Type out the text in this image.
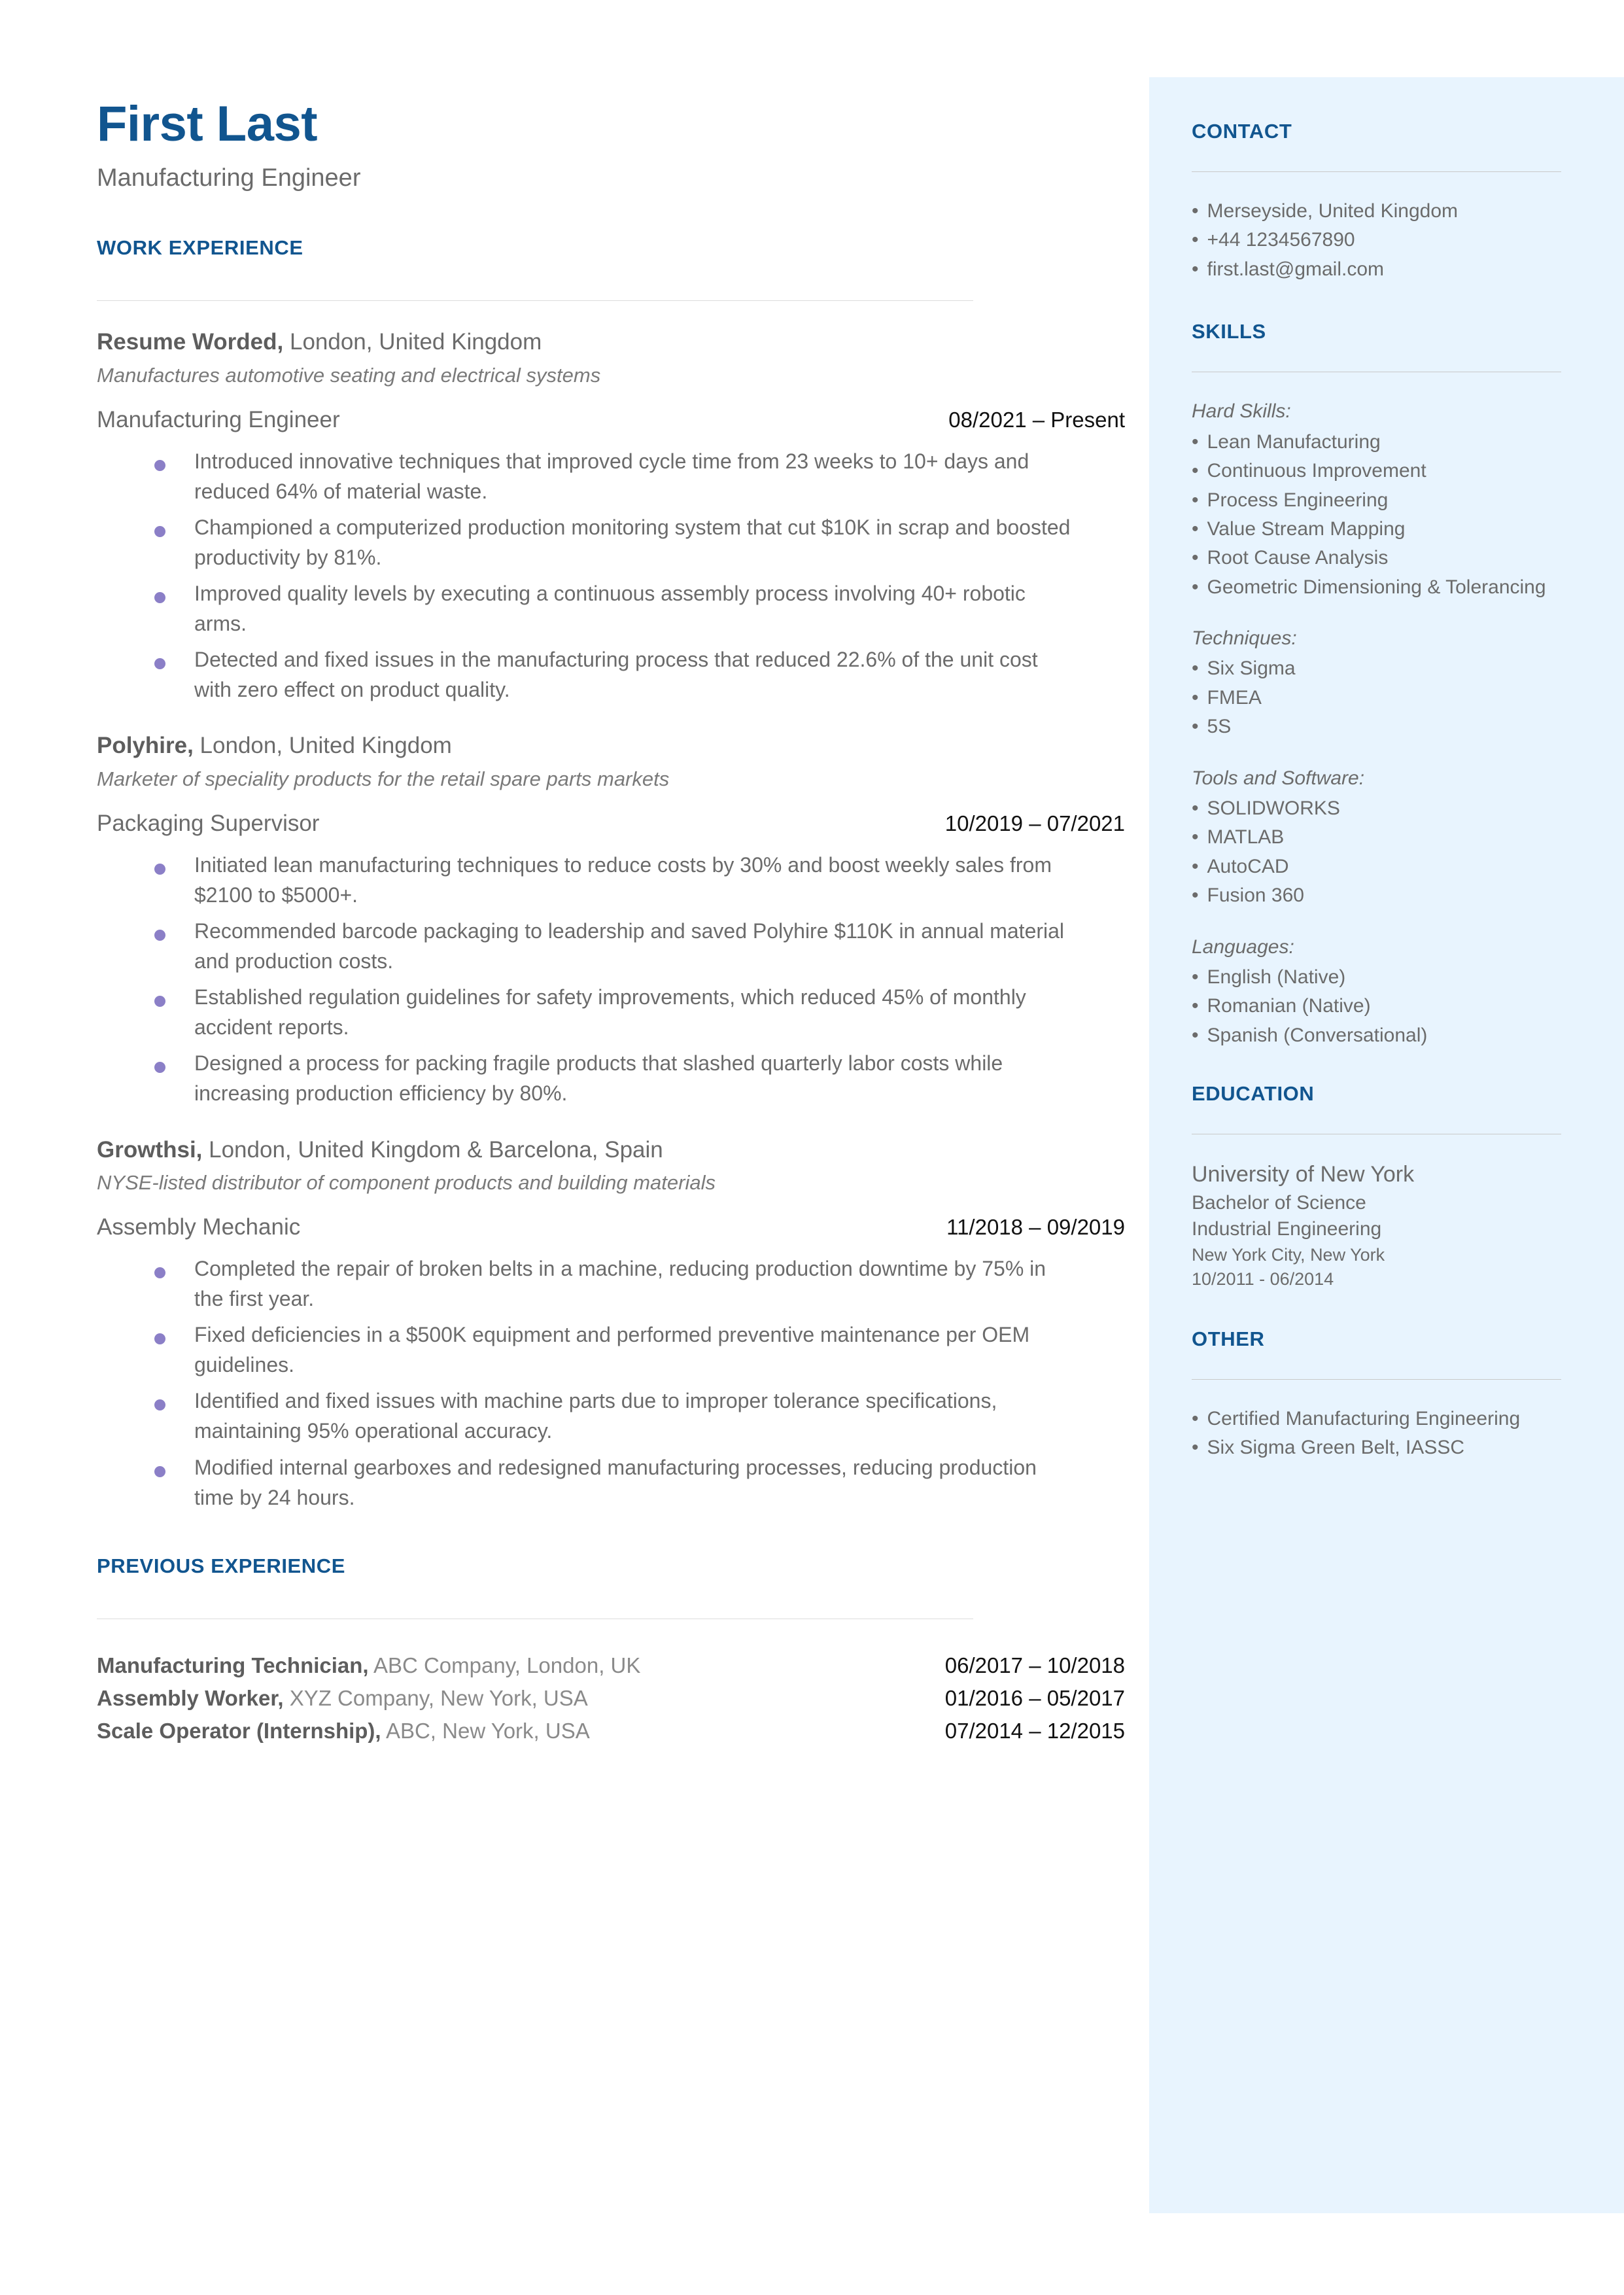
First Last
Manufacturing Engineer
WORK EXPERIENCE
Resume Worded, London, United Kingdom
Manufactures automotive seating and electrical systems
Manufacturing Engineer	08/2021 – Present
Introduced innovative techniques that improved cycle time from 23 weeks to 10+ days and reduced 64% of material waste.
Championed a computerized production monitoring system that cut $10K in scrap and boosted productivity by 81%.
Improved quality levels by executing a continuous assembly process involving 40+ robotic arms.
Detected and fixed issues in the manufacturing process that reduced 22.6% of the unit cost with zero effect on product quality.
Polyhire, London, United Kingdom
Marketer of speciality products for the retail spare parts markets
Packaging Supervisor	10/2019 – 07/2021
Initiated lean manufacturing techniques to reduce costs by 30% and boost weekly sales from $2100 to $5000+.
Recommended barcode packaging to leadership and saved Polyhire $110K in annual material and production costs.
Established regulation guidelines for safety improvements, which reduced 45% of monthly accident reports.
Designed a process for packing fragile products that slashed quarterly labor costs while increasing production efficiency by 80%.
Growthsi, London, United Kingdom & Barcelona, Spain
NYSE-listed distributor of component products and building materials
Assembly Mechanic	11/2018 – 09/2019
Completed the repair of broken belts in a machine, reducing production downtime by 75% in the first year.
Fixed deficiencies in a $500K equipment and performed preventive maintenance per OEM guidelines.
Identified and fixed issues with machine parts due to improper tolerance specifications, maintaining 95% operational accuracy.
Modified internal gearboxes and redesigned manufacturing processes, reducing production time by 24 hours.
PREVIOUS EXPERIENCE
Manufacturing Technician, ABC Company, London, UK	06/2017 – 10/2018
Assembly Worker, XYZ Company, New York, USA	01/2016 – 05/2017
Scale Operator (Internship), ABC, New York, USA	07/2014 – 12/2015
CONTACT
• Merseyside, United Kingdom
• +44 1234567890
• first.last@gmail.com
SKILLS
Hard Skills:
• Lean Manufacturing
• Continuous Improvement
• Process Engineering
• Value Stream Mapping
• Root Cause Analysis
• Geometric Dimensioning & Tolerancing
Techniques:
• Six Sigma
• FMEA
• 5S
Tools and Software:
• SOLIDWORKS
• MATLAB
• AutoCAD
• Fusion 360
Languages:
• English (Native)
• Romanian (Native)
• Spanish (Conversational)
EDUCATION
University of New York
Bachelor of Science
Industrial Engineering
New York City, New York
10/2011 - 06/2014
OTHER
• Certified Manufacturing Engineering
• Six Sigma Green Belt, IASSC
